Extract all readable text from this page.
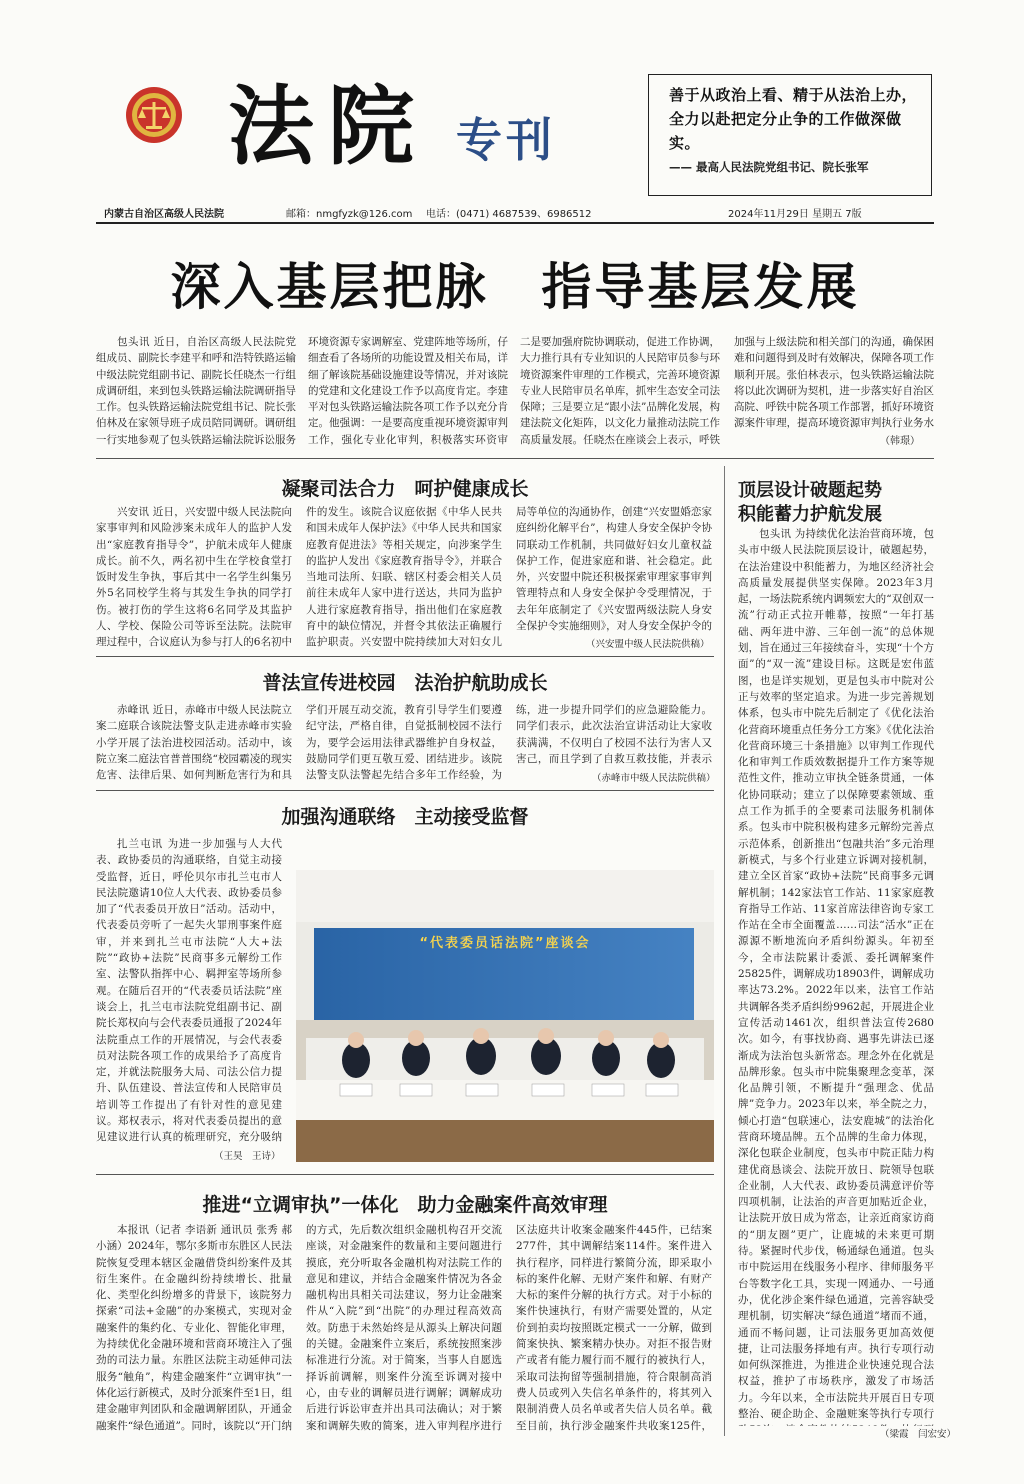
法院 专刊
善于从政治上看、精于从法治上办，全力以赴把定分止争的工作做深做实。
—— 最高人民法院党组书记、院长张军
内蒙古自治区高级人民法院	邮箱：nmgfyzk@126.com 电话：(0471) 4687539、6986512	2024年11月29日 星期五 7版
深入基层把脉　指导基层发展
包头讯 近日，自治区高级人民法院党组成员、副院长李建平和呼和浩特铁路运输中级法院党组副书记、副院长任晓杰一行组成调研组，来到包头铁路运输法院调研指导工作。包头铁路运输法院党组书记、院长张伯林及在家领导班子成员陪同调研。调研组一行实地参观了包头铁路运输法院诉讼服务
环境资源专家调解室、党建阵地等场所，仔细查看了各场所的功能设置及相关布局，详细了解该院基础设施建设等情况，并对该院的党建和文化建设工作予以高度肯定。李建平对包头铁路运输法院各项工作予以充分肯定。他强调：一是要高度重视环境资源审判工作，强化专业化审判，积极落实环资审
二是要加强府院协调联动，促进工作协调，大力推行具有专业知识的人民陪审员参与环境资源案件审理的工作模式，完善环境资源专业人民陪审员名单库，抓牢生态安全司法保障；三是要立足“跟小法”品牌化发展，构建法院文化矩阵，以文化力量推动法院工作高质量发展。任晓杰在座谈会上表示，呼铁
加强与上级法院和相关部门的沟通，确保困难和问题得到及时有效解决，保障各项工作顺利开展。张伯林表示，包头铁路运输法院将以此次调研为契机，进一步落实好自治区高院、呼铁中院各项工作部署，抓好环境资源案件审理，提高环境资源审判执行业务水
（韩璟）
凝聚司法合力　呵护健康成长
兴安讯 近日，兴安盟中级人民法院向家事审判和风险涉案未成年人的监护人发出“家庭教育指导令”，护航未成年人健康成长。前不久，两名初中生在学校食堂打饭时发生争执，事后其中一名学生纠集另外5名同校学生将与其发生争执的同学打伤。被打伤的学生这将6名同学及其监护人、学校、保险公司等诉至法院。法院审理过程中，合议庭认为参与打人的6名初中
件的发生。该院合议庭依据《中华人民共和国未成年人保护法》《中华人民共和国家庭教育促进法》等相关规定，向涉案学生的监护人发出《家庭教育指导令》，并联合当地司法所、妇联、辖区村委会相关人员前往未成年人家中进行送达，共同为监护人进行家庭教育指导，指出他们在家庭教育中的缺位情况，并督令其依法正确履行监护职责。兴安盟中院持续加大对妇女儿
局等单位的沟通协作，创建“兴安盟婚恋家庭纠纷化解平台”，构建人身安全保护令协同联动工作机制，共同做好妇女儿童权益保护工作，促进家庭和谐、社会稳定。此外，兴安盟中院还积极探索审理家事审判管理特点和人身安全保护令受理情况，于去年年底制定了《兴安盟两级法院人身安全保护令实施细则》，对人身安全保护令的
（兴安盟中级人民法院供稿）
普法宣传进校园　法治护航助成长
赤峰讯 近日，赤峰市中级人民法院立案二庭联合该院法警支队走进赤峰市实验小学开展了法治进校园活动。活动中，该院立案二庭法官普普围绕“校园霸凌的现实危害、法律后果、如何判断危害行为和具
学们开展互动交流，教育引导学生们要遵纪守法，严格自律，自觉抵制校园不法行为，要学会运用法律武器维护自身权益，鼓励同学们更互敬互爱、团结进步。该院法警支队法警起先结合多年工作经验，为
练，进一步提升同学们的应急避险能力。同学们表示，此次法治宣讲活动让大家收获满满，不仅明白了校园不法行为害人又害己，而且学到了自救互救技能，并表示
（赤峰市中级人民法院供稿）
加强沟通联络　主动接受监督
扎兰屯讯 为进一步加强与人大代表、政协委员的沟通联络，自觉主动接受监督，近日，呼伦贝尔市扎兰屯市人民法院邀请10位人大代表、政协委员参加了“代表委员开放日”活动。活动中，代表委员旁听了一起失火罪刑事案件庭审，并来到扎兰屯市法院“人大+法院”“政协+法院”民商事多元解纷工作室、法警队指挥中心、羁押室等场所参观。在随后召开的“代表委员话法院”座谈会上，扎兰屯市法院党组副书记、副院长郑权向与会代表委员通报了2024年法院重点工作的开展情况，与会代表委员对法院各项工作的成果给予了高度肯定，并就法院服务大局、司法公信力提升、队伍建设、普法宣传和人民陪审员培训等工作提出了有针对性的意见建议。郑权表示，将对代表委员提出的意见建议进行认真的梳理研究，充分吸纳
（王昊　王诗）
“代表委员话法院”座谈会
推进“立调审执”一体化　助力金融案件高效审理
本报讯（记者 李语新 通讯员 张秀 郝小涵）2024年，鄂尔多斯市东胜区人民法院恢复受理本辖区金融借贷纠纷案件及其衍生案件。在金融纠纷持续增长、批量化、类型化纠纷增多的背景下，该院努力探索“司法+金融”的办案模式，实现对金融案件的集约化、专业化、智能化审理，为持续优化金融环境和营商环境注入了强劲的司法力量。东胜区法院主动延伸司法服务“触角”，构建金融案件“立调审执”一体化运行新模式，及时分派案件至1日，组建金融审判团队和金融调解团队，开通金融案件“绿色通道”。同时，该院以“开门纳
的方式，先后数次组织金融机构召开交流座谈，对金融案件的数量和主要问题进行摸底，充分听取各金融机构对法院工作的意见和建议，并结合金融案件情况为各金融机构出具相关司法建议，努力让金融案件从“入院”到“出院”的办理过程高效高效。防患于未然始终是从源头上解决问题的关键。金融案件立案后，系统按照案涉标准进行分流。对于简案，当事人自愿选择诉前调解，则案件分流至诉调对接中心，由专业的调解员进行调解；调解成功后进行诉讼审查并出具司法确认；对于繁案和调解失败的简案，进入审判程序进行
区法庭共计收案金融案件445件，已结案277件，其中调解结案114件。案件进入执行程序，同样进行繁简分流，即采取小标的案件化解、无财产案件和解、有财产大标的案件分解的执行方式。对于小标的案件快速执行，有财产需要处置的，从定价到拍卖均按照既定模式一一分解，做到简案快执、繁案精办快办。对拒不报告财产或者有能力履行而不履行的被执行人，采取司法拘留等强制措施，符合限制高消费人员或列入失信名单条件的，将其列入限制消费人员名单或者失信人员名单。截至目前，执行涉金融案件共收案125件，
顶层设计破题起势
积能蓄力护航发展
包头讯 为持续优化法治营商环境，包头市中级人民法院顶层设计，破题起势，在法治建设中积能蓄力，为地区经济社会高质量发展提供坚实保障。2023年3月起，一场法院系统内调频宏大的“双创双一流”行动正式拉开帷幕，按照“一年打基础、两年进中游、三年创一流”的总体规划，旨在通过三年接续奋斗，实现“十个方面”的“双一流”建设目标。这既是宏伟蓝图，也是详实规划，更是包头市中院对公正与效率的坚定追求。为进一步完善规划体系，包头市中院先后制定了《优化法治化营商环境重点任务分工方案》《优化法治化营商环境三十条措施》以审判工作现代化和审判工作质效数据提升工作方案等规范性文件，推动立审执全链条贯通，一体化协同联动；建立了以保障要素领域、重点工作为抓手的全要素司法服务机制体系。包头市中院积极构建多元解纷完善点示范体系，创新推出“包融共治”多元治理新模式，与多个行业建立诉调对接机制，建立全区首家“政协+法院”民商事多元调解机制；142家法官工作站、11家家庭教育指导工作站、11家首席法律咨询专家工作站在全市全面覆盖……司法“活水”正在源源不断地流向矛盾纠纷源头。年初至今，全市法院累计委派、委托调解案件25825件，调解成功18903件，调解成功率达73.2%。2022年以来，法官工作站共调解各类矛盾纠纷9962起，开展进企业宣传活动1461次，组织普法宣传2680次。如今，有事找协商、遇事先讲法已逐渐成为法治包头新常态。理念外在化就是品牌形象。包头市中院集聚理念变革，深化品牌引领，不断提升“强理念、优品牌”竞争力。2023年以来，举全院之力，倾心打造“包联速心，法安鹿城”的法治化营商环境品牌。五个品牌的生命力体现，深化包联企业制度，包头市中院正陆力构建优商恳谈会、法院开放日、院领导包联企业制，人大代表、政协委员满意评价等四项机制，让法治的声音更加贴近企业，让法院开放日成为常态，让亲近商家访商的“朋友圈”更广，让鹿城的未来更可期待。紧握时代步伐，畅通绿色通道。包头市中院运用在线服务小程序、律师服务平台等数字化工具，实现一网通办、一号通办，优化涉企案件绿色通道，完善容缺受理机制，切实解决“绿色通道”堵而不通，通而不畅问题，让司法服务更加高效便捷，让司法服务择地有声。执行专项行动如何纵深推进，为推进企业快速兑现合法权益，推护了市场秩序，激发了市场活力。今年以来，全市法院共开展百日专项整治、硬企助企、金融赃案等执行专项行
（梁霞　闫宏安）
